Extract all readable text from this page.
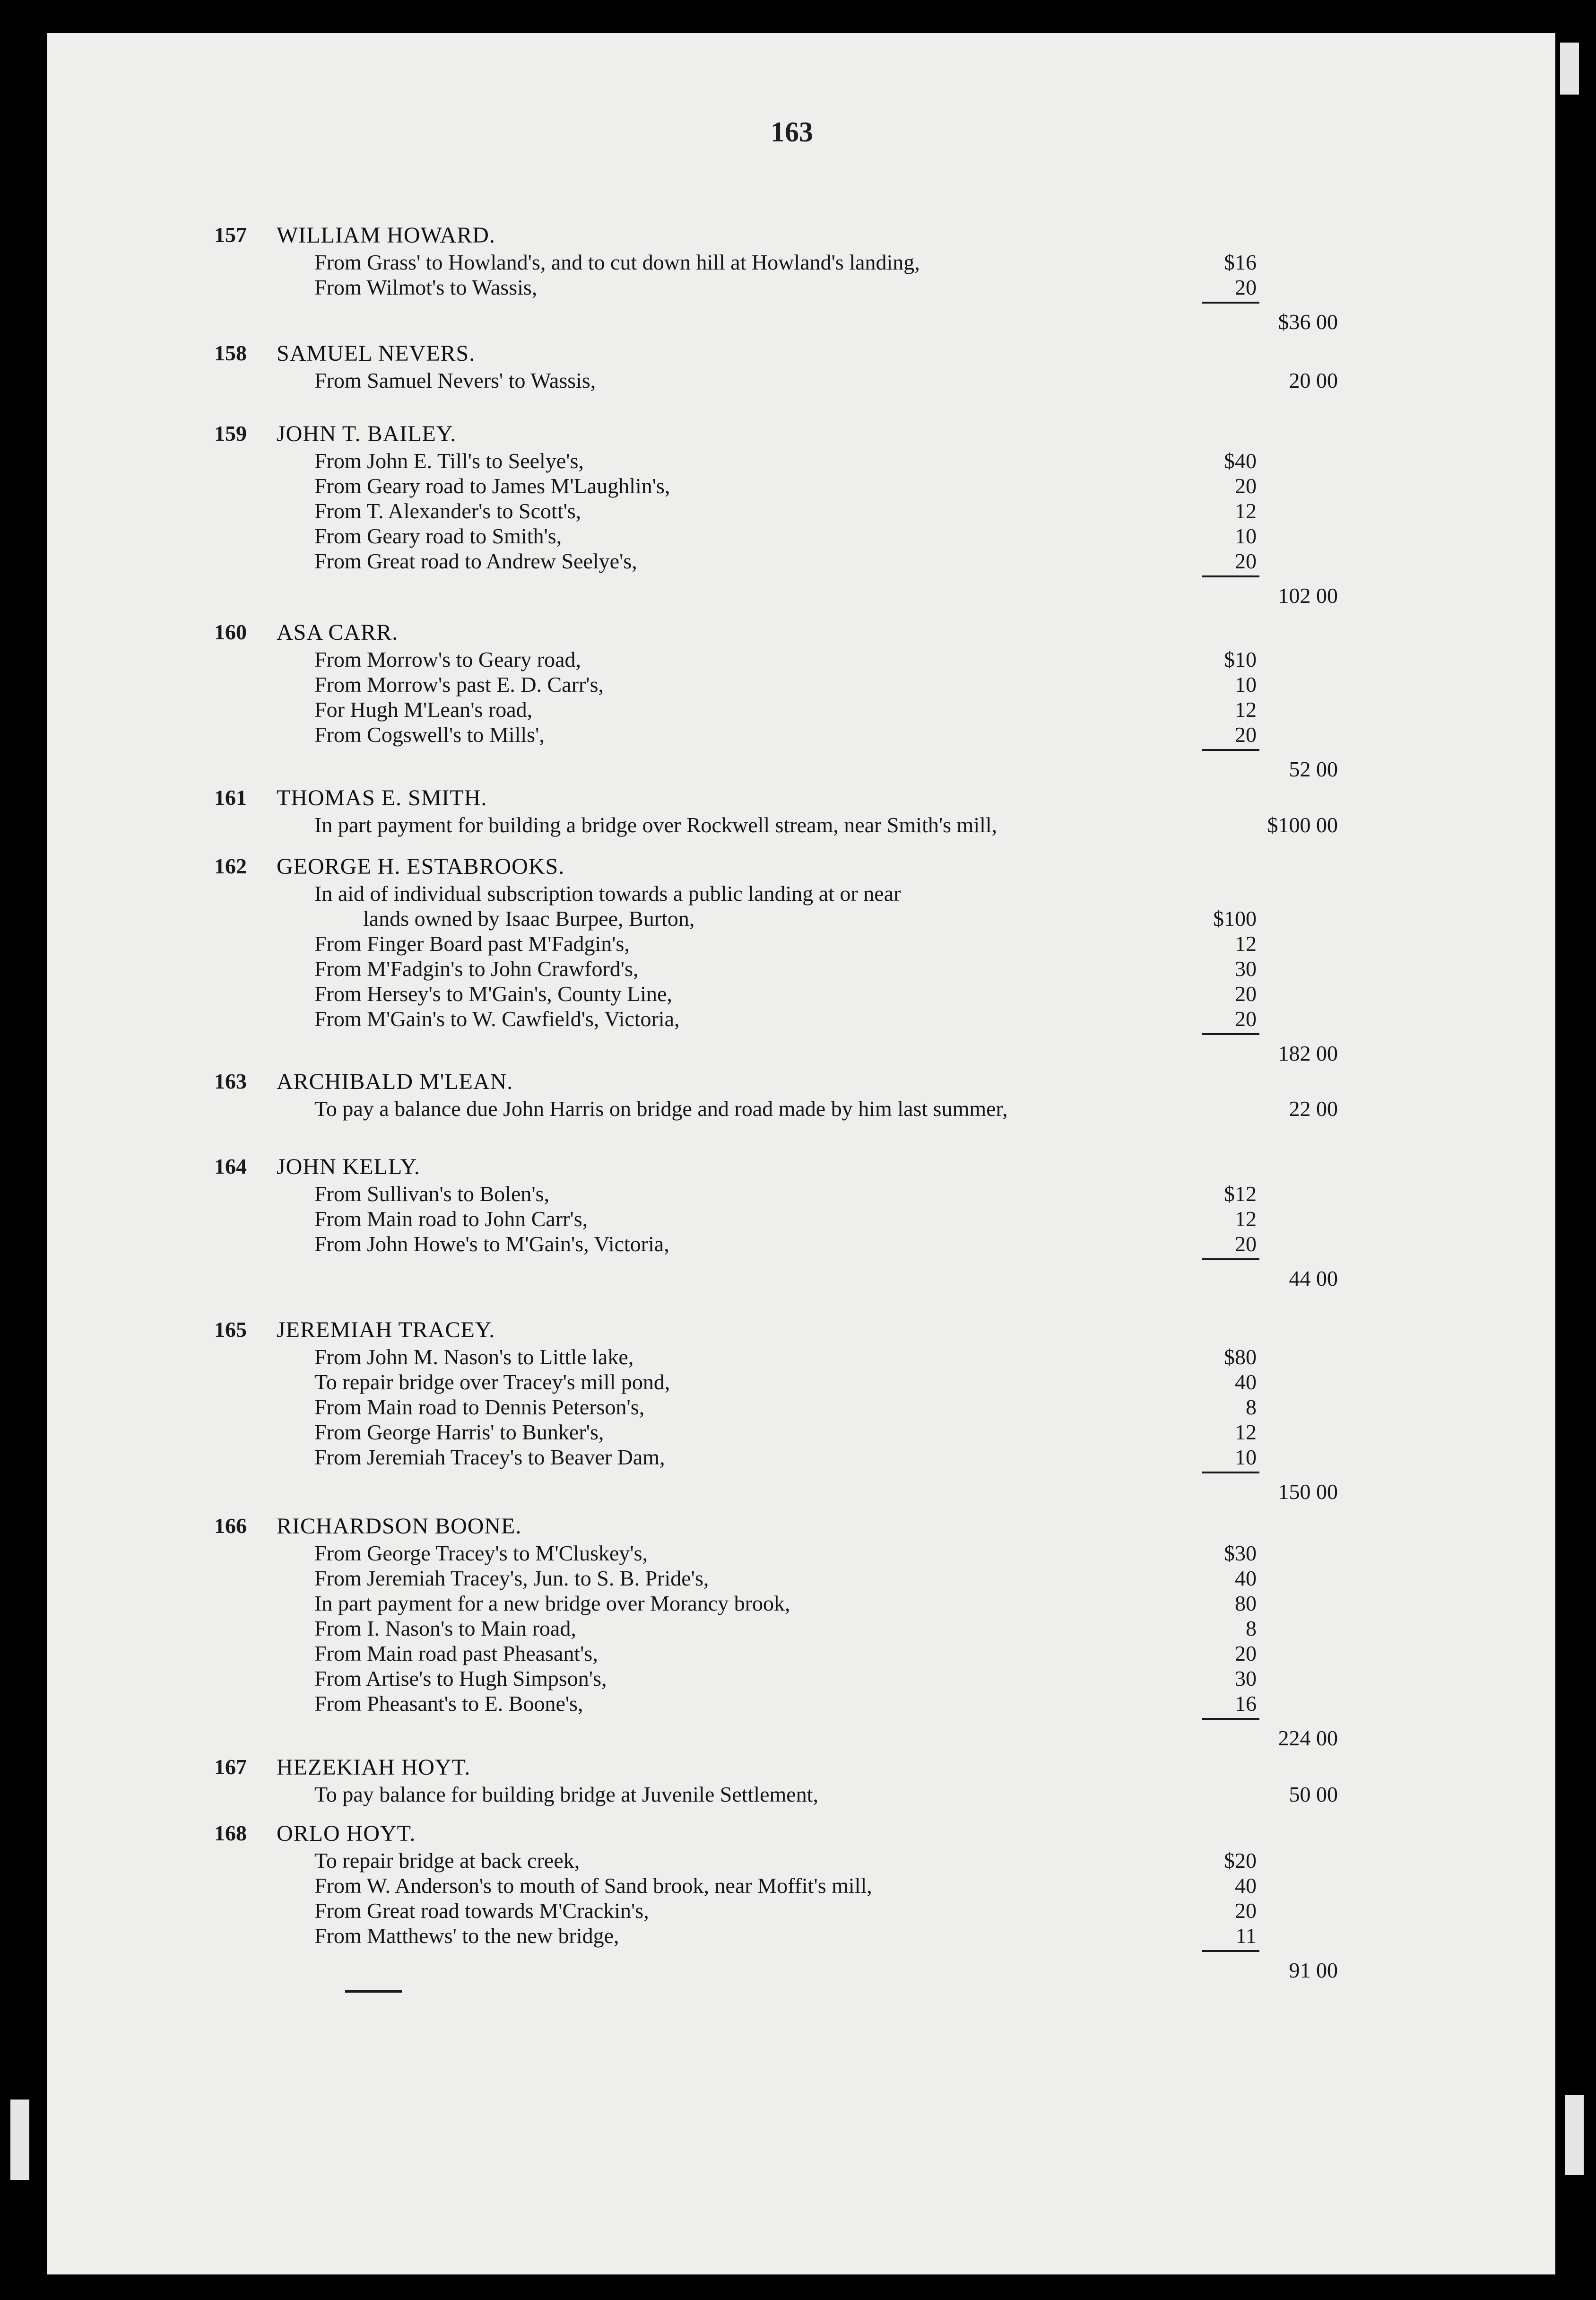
163
157	WILLIAM HOWARD.
From Grass' to Howland's, and to cut down hill at Howland's landing,	$16
From Wilmot's to Wassis,	20
$36 00
158	SAMUEL NEVERS.
From Samuel Nevers' to Wassis,	20 00
159	JOHN T. BAILEY.
From John E. Till's to Seelye's,	$40
From Geary road to James M'Laughlin's,	20
From T. Alexander's to Scott's,	12
From Geary road to Smith's,	10
From Great road to Andrew Seelye's,	20
102 00
160	ASA CARR.
From Morrow's to Geary road,	$10
From Morrow's past E. D. Carr's,	10
For Hugh M'Lean's road,	12
From Cogswell's to Mills',	20
52 00
161	THOMAS E. SMITH.
In part payment for building a bridge over Rockwell stream, near Smith's mill,	$100 00
162	GEORGE H. ESTABROOKS.
In aid of individual subscription towards a public landing at or near
lands owned by Isaac Burpee, Burton,	$100
From Finger Board past M'Fadgin's,	12
From M'Fadgin's to John Crawford's,	30
From Hersey's to M'Gain's, County Line,	20
From M'Gain's to W. Cawfield's, Victoria,	20
182 00
163	ARCHIBALD M'LEAN.
To pay a balance due John Harris on bridge and road made by him last summer,	22 00
164	JOHN KELLY.
From Sullivan's to Bolen's,	$12
From Main road to John Carr's,	12
From John Howe's to M'Gain's, Victoria,	20
44 00
165	JEREMIAH TRACEY.
From John M. Nason's to Little lake,	$80
To repair bridge over Tracey's mill pond,	40
From Main road to Dennis Peterson's,	8
From George Harris' to Bunker's,	12
From Jeremiah Tracey's to Beaver Dam,	10
150 00
166	RICHARDSON BOONE.
From George Tracey's to M'Cluskey's,	$30
From Jeremiah Tracey's, Jun. to S. B. Pride's,	40
In part payment for a new bridge over Morancy brook,	80
From I. Nason's to Main road,	8
From Main road past Pheasant's,	20
From Artise's to Hugh Simpson's,	30
From Pheasant's to E. Boone's,	16
224 00
167	HEZEKIAH HOYT.
To pay balance for building bridge at Juvenile Settlement,	50 00
168	ORLO HOYT.
To repair bridge at back creek,	$20
From W. Anderson's to mouth of Sand brook, near Moffit's mill,	40
From Great road towards M'Crackin's,	20
From Matthews' to the new bridge,	11
91 00
